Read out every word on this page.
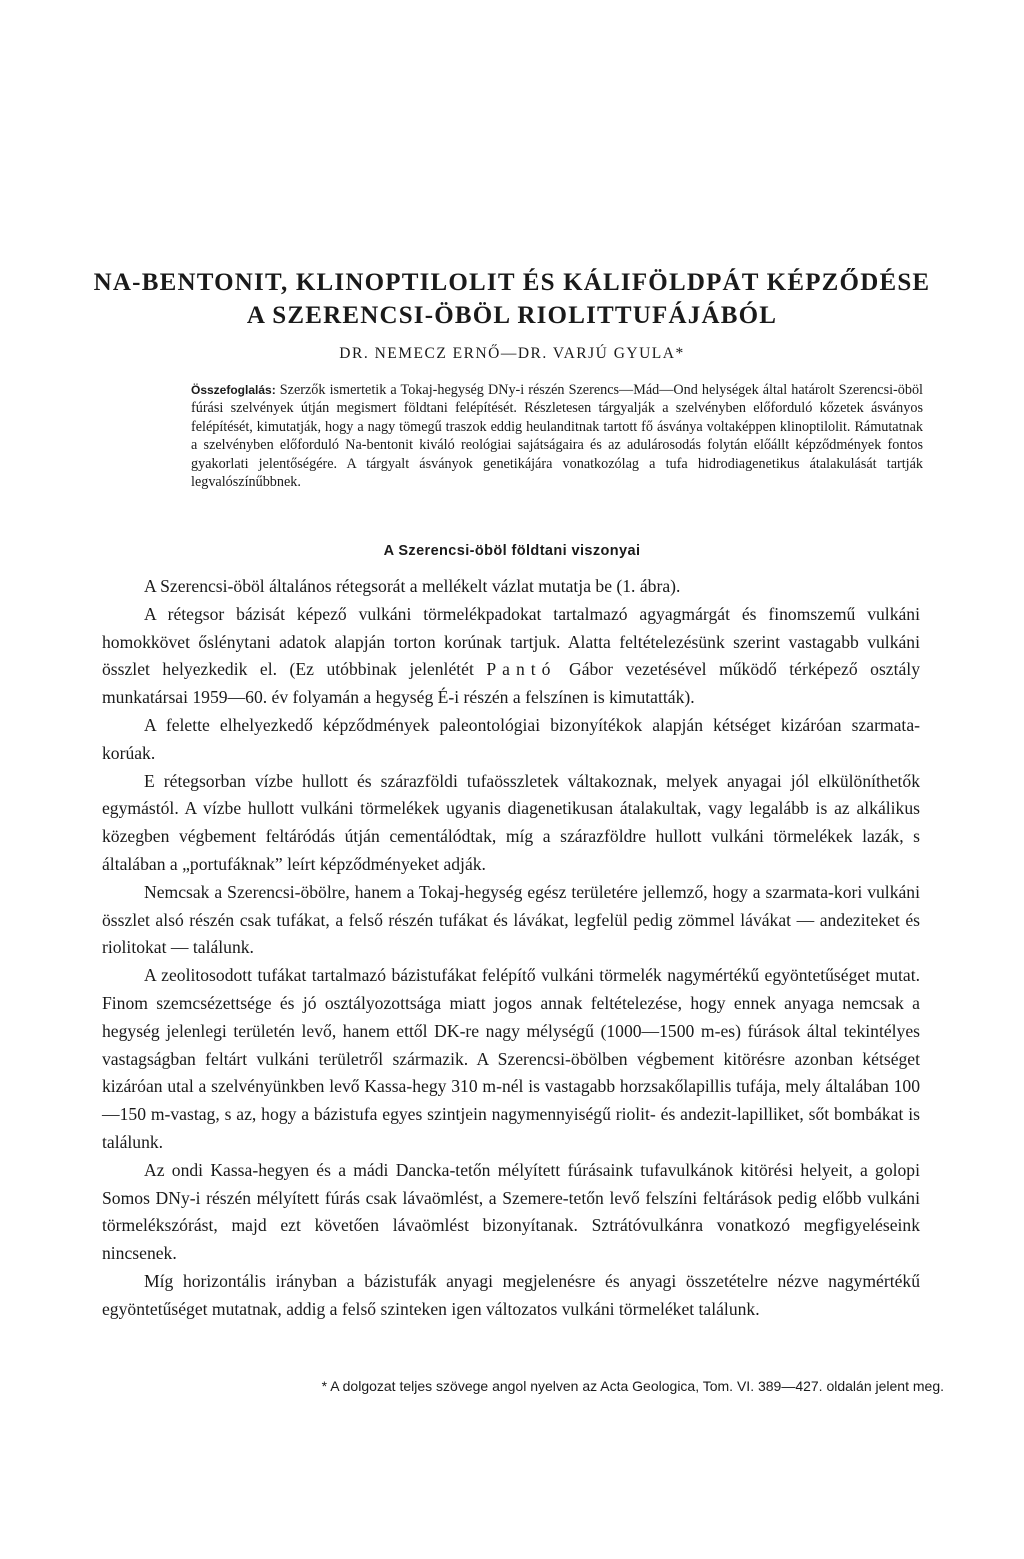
NA-BENTONIT, KLINOPTILOLIT ÉS KÁLIFÖLDPÁT KÉPZŐDÉSE
A SZERENCSI-ÖBÖL RIOLITTUFÁJÁBÓL
DR. NEMECZ ERNŐ—DR. VARJÚ GYULA*
Összefoglalás: Szerzők ismertetik a Tokaj-hegység DNy-i részén Szerencs—Mád—Ond helységek által határolt Szerencsi-öböl fúrási szelvények útján megismert földtani felépítését. Részletesen tárgyalják a szelvényben előforduló kőzetek ásványos felépítését, kimutatják, hogy a nagy tömegű traszok eddig heulanditnak tartott fő ásványa voltaképpen klinoptilolit. Rámutatnak a szelvényben előforduló Na-bentonit kiváló reológiai sajátságaira és az adulárosodás folytán előállt képződmények fontos gyakorlati jelentőségére. A tárgyalt ásványok genetikájára vonatkozólag a tufa hidrodiagenetikus átalakulását tartják legvalószínűbbnek.
A Szerencsi-öböl földtani viszonyai

A Szerencsi-öböl általános rétegsorát a mellékelt vázlat mutatja be (1. ábra).

A rétegsor bázisát képező vulkáni törmelékpadokat tartalmazó agyagmárgát és finomszemű vulkáni homokkövet őslénytani adatok alapján torton korúnak tartjuk. Alatta feltételezésünk szerint vastagabb vulkáni összlet helyezkedik el. (Ez utóbbinak jelenlétét Pantó Gábor vezetésével működő térképező osztály munkatársai 1959—60. év folyamán a hegység É-i részén a felszínen is kimutatták).

A felette elhelyezkedő képződmények paleontológiai bizonyítékok alapján kétséget kizáróan szarmata-korúak.

E rétegsorban vízbe hullott és szárazföldi tufaösszletek váltakoznak, melyek anyagai jól elkülöníthetők egymástól. A vízbe hullott vulkáni törmelékek ugyanis diagenetikusan átalakultak, vagy legalább is az alkálikus közegben végbement feltáródás útján cementálódtak, míg a szárazföldre hullott vulkáni törmelékek lazák, s általában a „portufáknak” leírt képződményeket adják.

Nemcsak a Szerencsi-öbölre, hanem a Tokaj-hegység egész területére jellemző, hogy a szarmata-kori vulkáni összlet alsó részén csak tufákat, a felső részén tufákat és lávákat, legfelül pedig zömmel lávákat — andeziteket és riolitokat — találunk.

A zeolitosodott tufákat tartalmazó bázistufákat felépítő vulkáni törmelék nagymértékű egyöntetűséget mutat. Finom szemcsézettsége és jó osztályozottsága miatt jogos annak feltételezése, hogy ennek anyaga nemcsak a hegység jelenlegi területén levő, hanem ettől DK-re nagy mélységű (1000—1500 m-es) fúrások által tekintélyes vastagságban feltárt vulkáni területről származik. A Szerencsi-öbölben végbement kitörésre azonban kétséget kizáróan utal a szelvényünkben levő Kassa-hegy 310 m-nél is vastagabb horzsakőlapillis tufája, mely általában 100—150 m-vastag, s az, hogy a bázistufa egyes szintjein nagymennyiségű riolit- és andezit-lapilliket, sőt bombákat is találunk.

Az ondi Kassa-hegyen és a mádi Dancka-tetőn mélyített fúrásaink tufavulkánok kitörési helyeit, a golopi Somos DNy-i részén mélyített fúrás csak lávaömlést, a Szemere-tetőn levő felszíni feltárások pedig előbb vulkáni törmelékszórást, majd ezt követően lávaömlést bizonyítanak. Sztrátóvulkánra vonatkozó megfigyeléseink nincsenek.

Míg horizontális irányban a bázistufák anyagi megjelenésre és anyagi összetételre nézve nagymértékű egyöntetűséget mutatnak, addig a felső szinteken igen változatos vulkáni törmeléket találunk.

* A dolgozat teljes szövege angol nyelven az Acta Geologica, Tom. VI. 389—427. oldalán jelent meg.
